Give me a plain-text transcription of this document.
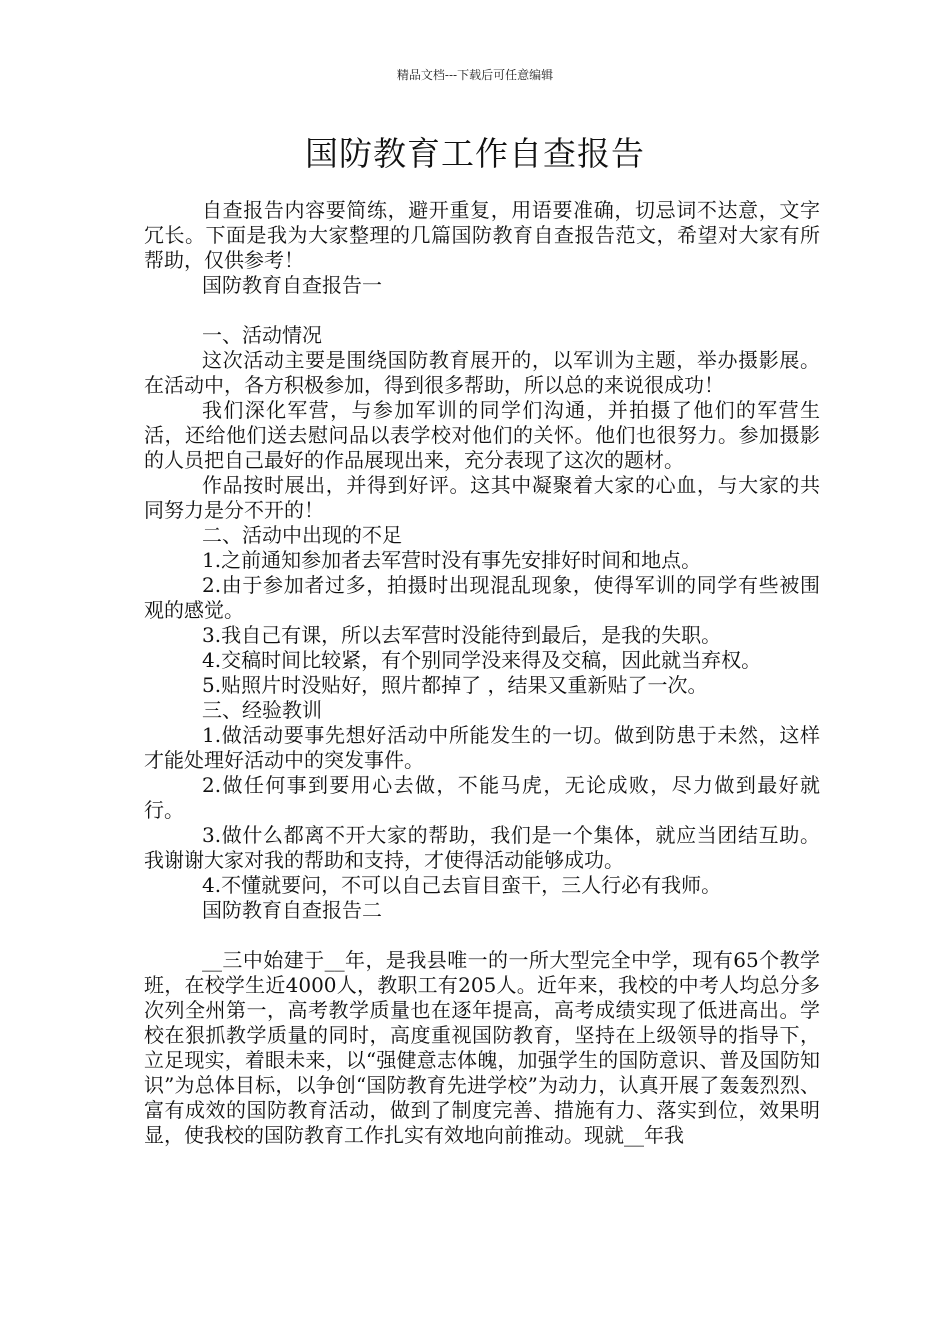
精品文档---下载后可任意编辑
国防教育工作自查报告

自查报告内容要简练，避开重复，用语要准确，切忌词不达意，文字冗长。下面是我为大家整理的几篇国防教育自查报告范文，希望对大家有所帮助，仅供参考！

国防教育自查报告一

一、活动情况

这次活动主要是围绕国防教育展开的，以军训为主题，举办摄影展。在活动中，各方积极参加，得到很多帮助，所以总的来说很成功！

我们深化军营，与参加军训的同学们沟通，并拍摄了他们的军营生活，还给他们送去慰问品以表学校对他们的关怀。他们也很努力。参加摄影的人员把自己最好的作品展现出来，充分表现了这次的题材。

作品按时展出，并得到好评。这其中凝聚着大家的心血，与大家的共同努力是分不开的！

二、活动中出现的不足

1.之前通知参加者去军营时没有事先安排好时间和地点。

2.由于参加者过多，拍摄时出现混乱现象，使得军训的同学有些被围观的感觉。

3.我自己有课，所以去军营时没能待到最后，是我的失职。

4.交稿时间比较紧，有个别同学没来得及交稿，因此就当弃权。

5.贴照片时没贴好，照片都掉了 ，结果又重新贴了一次。

三、经验教训

1.做活动要事先想好活动中所能发生的一切。做到防患于未然，这样才能处理好活动中的突发事件。

2.做任何事到要用心去做，不能马虎，无论成败，尽力做到最好就行。

3.做什么都离不开大家的帮助，我们是一个集体，就应当团结互助。我谢谢大家对我的帮助和支持，才使得活动能够成功。

4.不懂就要问，不可以自己去盲目蛮干，三人行必有我师。

国防教育自查报告二

__三中始建于__年，是我县唯一的一所大型完全中学，现有65个教学班，在校学生近4000人，教职工有205人。近年来，我校的中考人均总分多次列全州第一，高考教学质量也在逐年提高，高考成绩实现了低进高出。学校在狠抓教学质量的同时，高度重视国防教育，坚持在上级领导的指导下，立足现实，着眼未来，以“强健意志体魄，加强学生的国防意识、普及国防知识”为总体目标，以争创“国防教育先进学校”为动力，认真开展了轰轰烈烈、富有成效的国防教育活动，做到了制度完善、措施有力、落实到位，效果明显，使我校的国防教育工作扎实有效地向前推动。现就__年我
